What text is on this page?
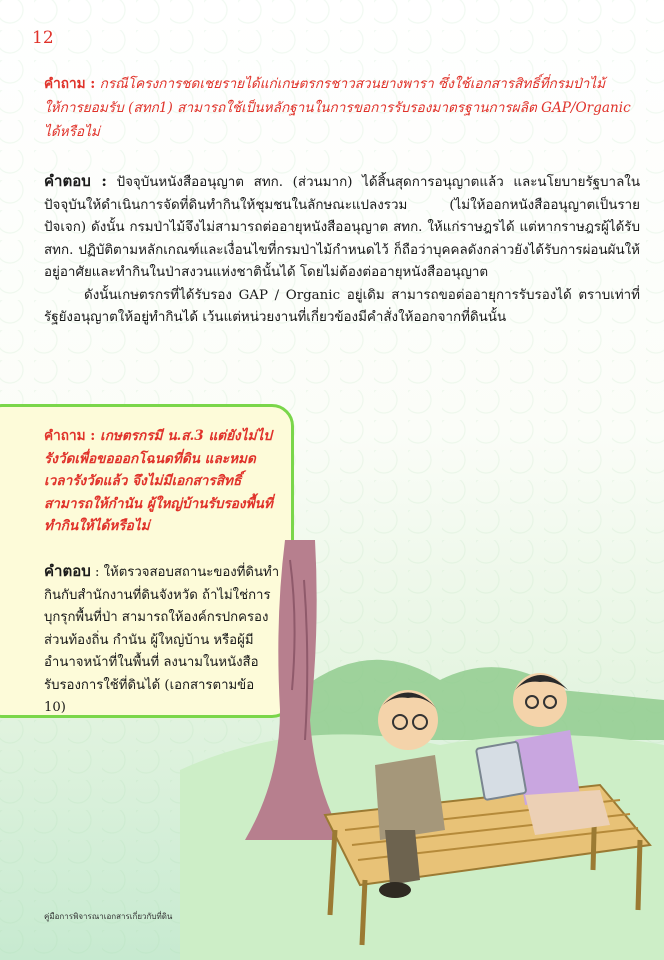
12
คำถาม : กรณีโครงการชดเชยรายได้แก่เกษตรกรชาวสวนยางพารา ซึ่งใช้เอกสารสิทธิ์ที่กรมป่าไม้ให้การยอมรับ (สทก1) สามารถใช้เป็นหลักฐานในการขอการรับรองมาตรฐานการผลิต GAP/Organic ได้หรือไม่

คำตอบ : ปัจจุบันหนังสืออนุญาต สทก. (ส่วนมาก) ได้สิ้นสุดการอนุญาตแล้ว และนโยบายรัฐบาลในปัจจุบันให้ดำเนินการจัดที่ดินทำกินให้ชุมชนในลักษณะแปลงรวม (ไม่ให้ออกหนังสืออนุญาตเป็นรายปัจเจก) ดังนั้น กรมป่าไม้จึงไม่สามารถต่ออายุหนังสืออนุญาต สทก. ให้แก่ราษฎรได้ แต่หากราษฎรผู้ได้รับ สทก. ปฏิบัติตามหลักเกณฑ์และเงื่อนไขที่กรมป่าไม้กำหนดไว้ ก็ถือว่าบุคคลดังกล่าวยังได้รับการผ่อนผันให้อยู่อาศัยและทำกินในป่าสงวนแห่งชาตินั้นได้ โดยไม่ต้องต่ออายุหนังสืออนุญาต

ดังนั้นเกษตรกรที่ได้รับรอง GAP / Organic อยู่เดิม สามารถขอต่ออายุการรับรองได้ ตราบเท่าที่รัฐยังอนุญาตให้อยู่ทำกินได้ เว้นแต่หน่วยงานที่เกี่ยวข้องมีคำสั่งให้ออกจากที่ดินนั้น

คำถาม : เกษตรกรมี น.ส.3 แต่ยังไม่ไปรังวัดเพื่อขอออกโฉนดที่ดิน และหมดเวลารังวัดแล้ว จึงไม่มีเอกสารสิทธิ์สามารถให้กำนัน ผู้ใหญ่บ้านรับรองพื้นที่ทำกินให้ได้หรือไม่
คำตอบ : ให้ตรวจสอบสถานะของที่ดินทำกินกับสำนักงานที่ดินจังหวัด ถ้าไม่ใช่การบุกรุกพื้นที่ป่า สามารถให้องค์กรปกครองส่วนท้องถิ่น กำนัน ผู้ใหญ่บ้าน หรือผู้มีอำนาจหน้าที่ในพื้นที่ ลงนามในหนังสือรับรองการใช้ที่ดินได้ (เอกสารตามข้อ 10)
คู่มือการพิจารณาเอกสารเกี่ยวกับที่ดิน
